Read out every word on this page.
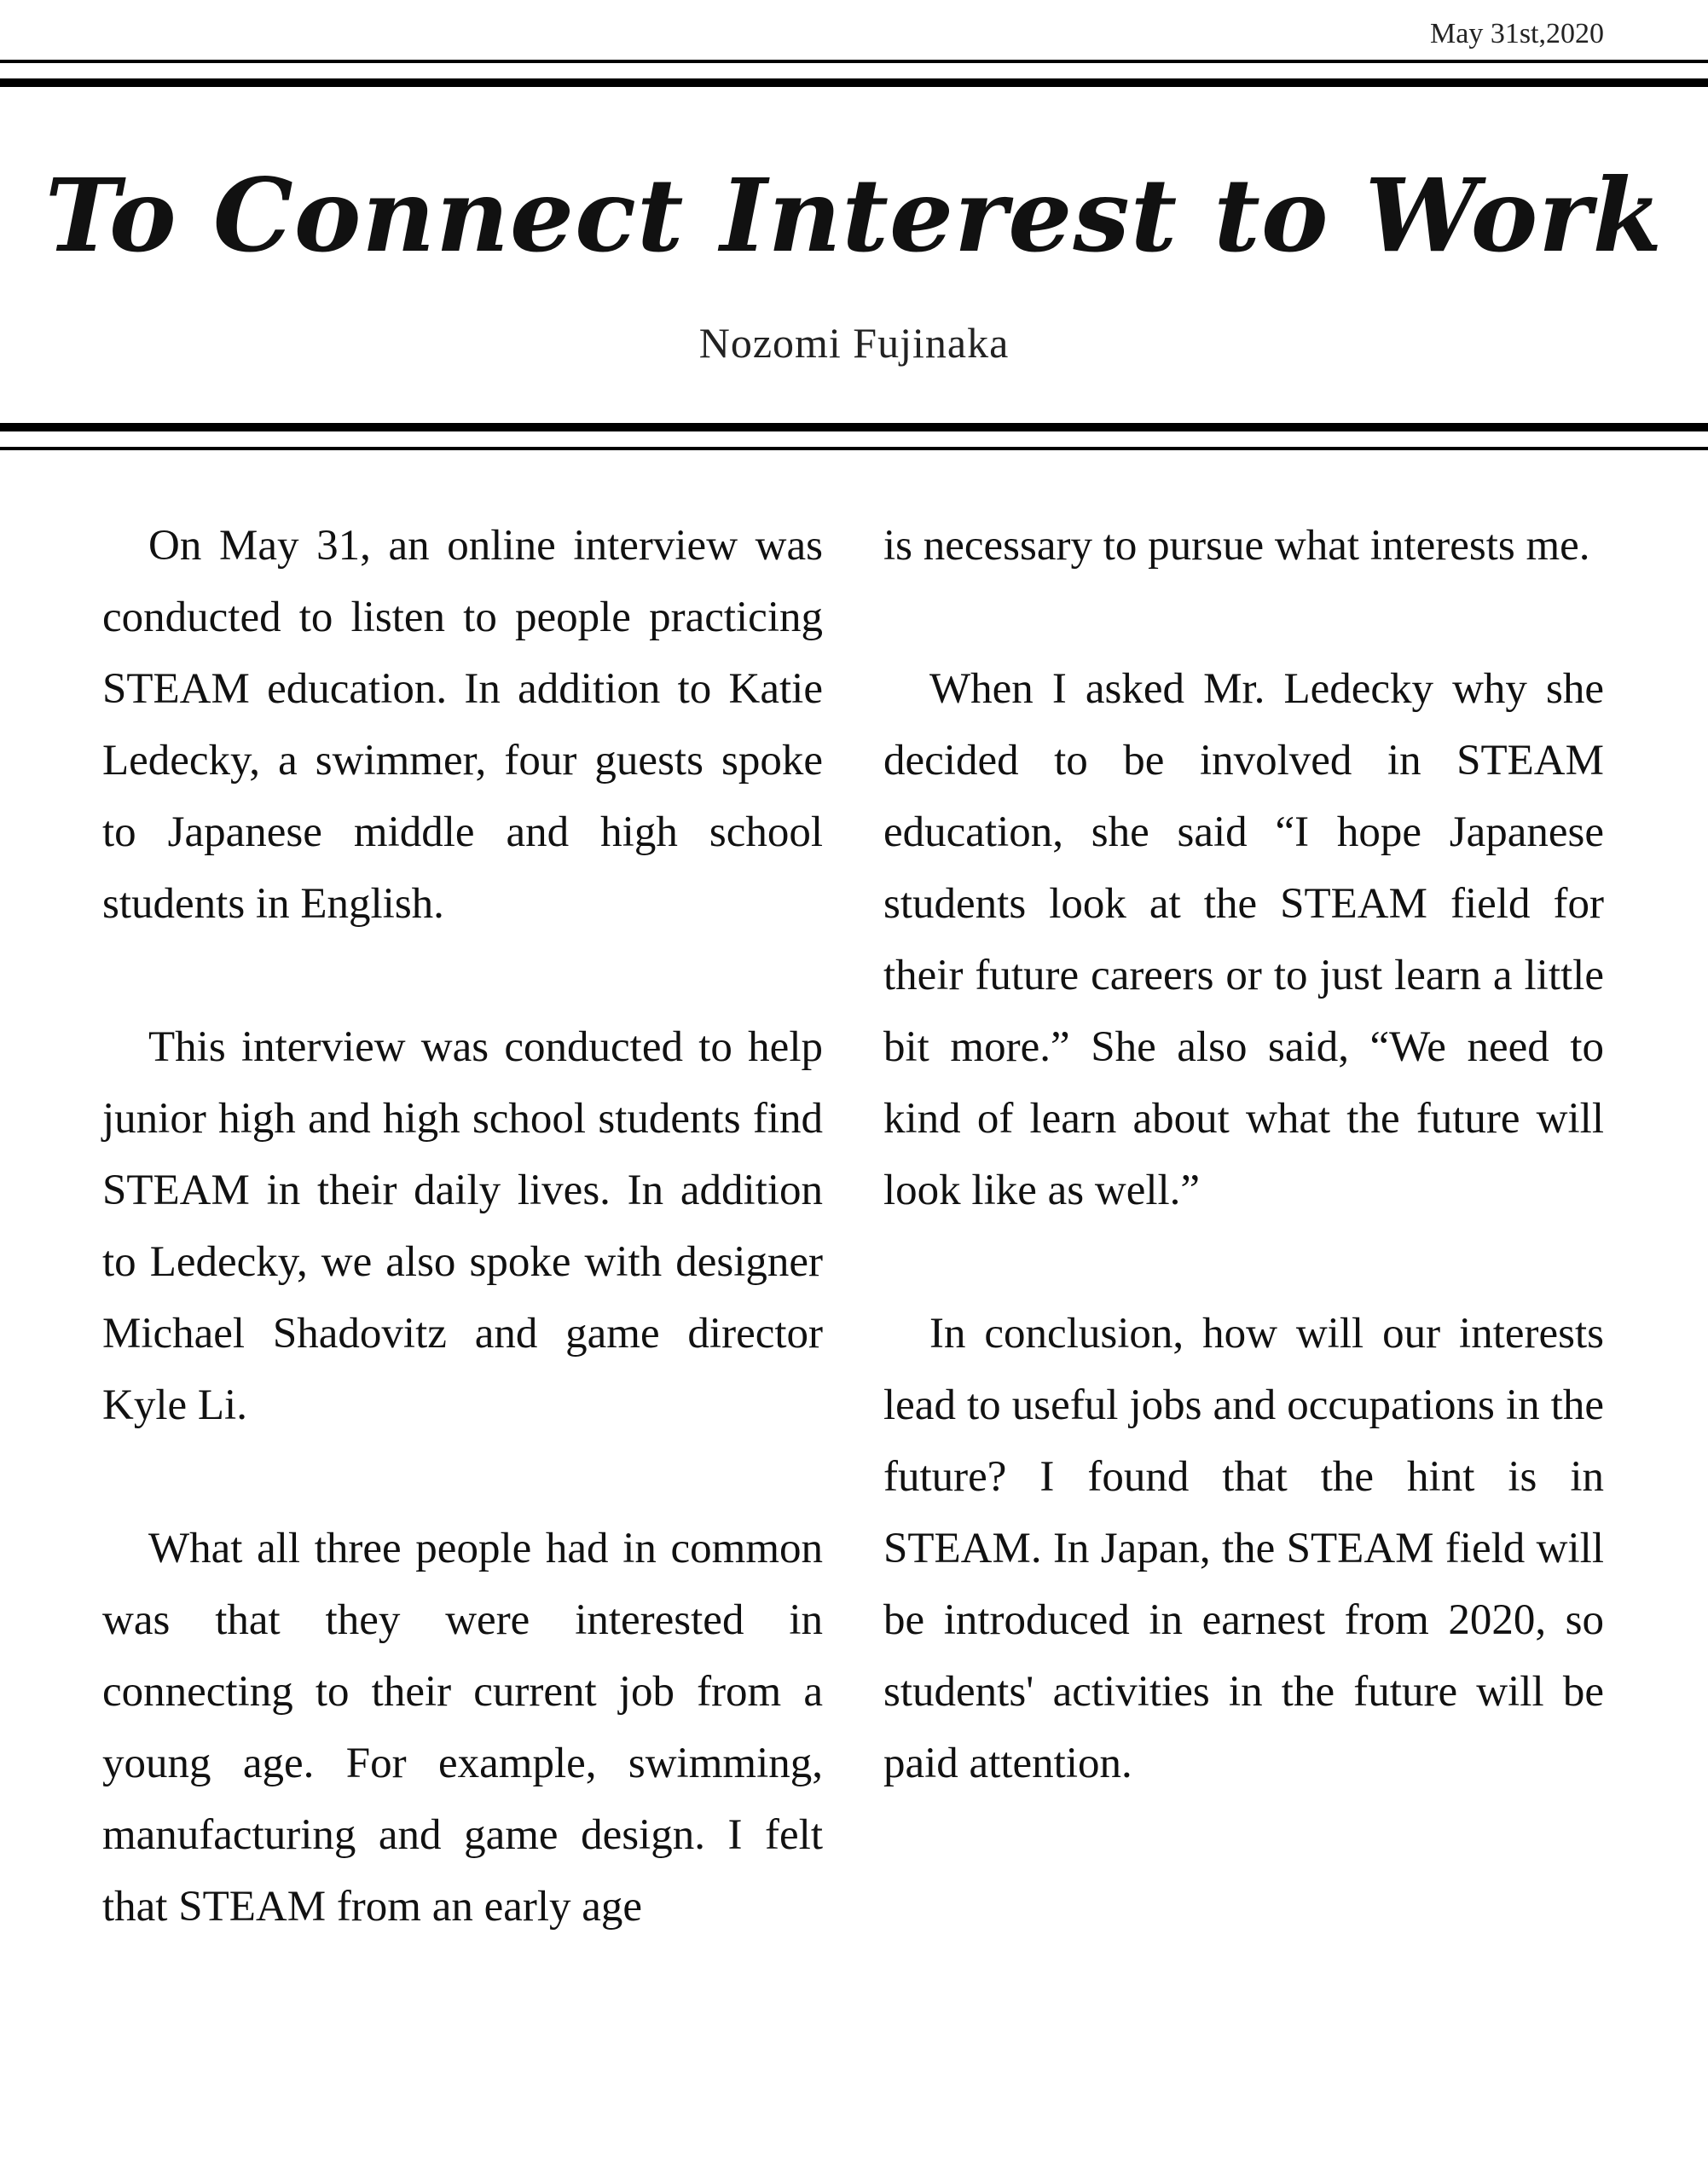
May 31st,2020
To Connect Interest to Work
Nozomi Fujinaka

On May 31, an online interview was conducted to listen to people practicing STEAM education. In addition to Katie Ledecky, a swimmer, four guests spoke to Japanese middle and high school students in English.

This interview was conducted to help junior high and high school students find STEAM in their daily lives. In addition to Ledecky, we also spoke with designer Michael Shadovitz and game director Kyle Li.

What all three people had in common was that they were interested in connecting to their current job from a young age. For example, swimming, manufacturing and game design. I felt that STEAM from an early age

is necessary to pursue what interests me.

When I asked Mr. Ledecky why she decided to be involved in STEAM education, she said “I hope Japanese students look at the STEAM field for their future careers or to just learn a little bit more.” She also said, “We need to kind of learn about what the future will look like as well.”

In conclusion, how will our interests lead to useful jobs and occupations in the future? I found that the hint is in STEAM. In Japan, the STEAM field will be introduced in earnest from 2020, so students' activities in the future will be paid attention.
